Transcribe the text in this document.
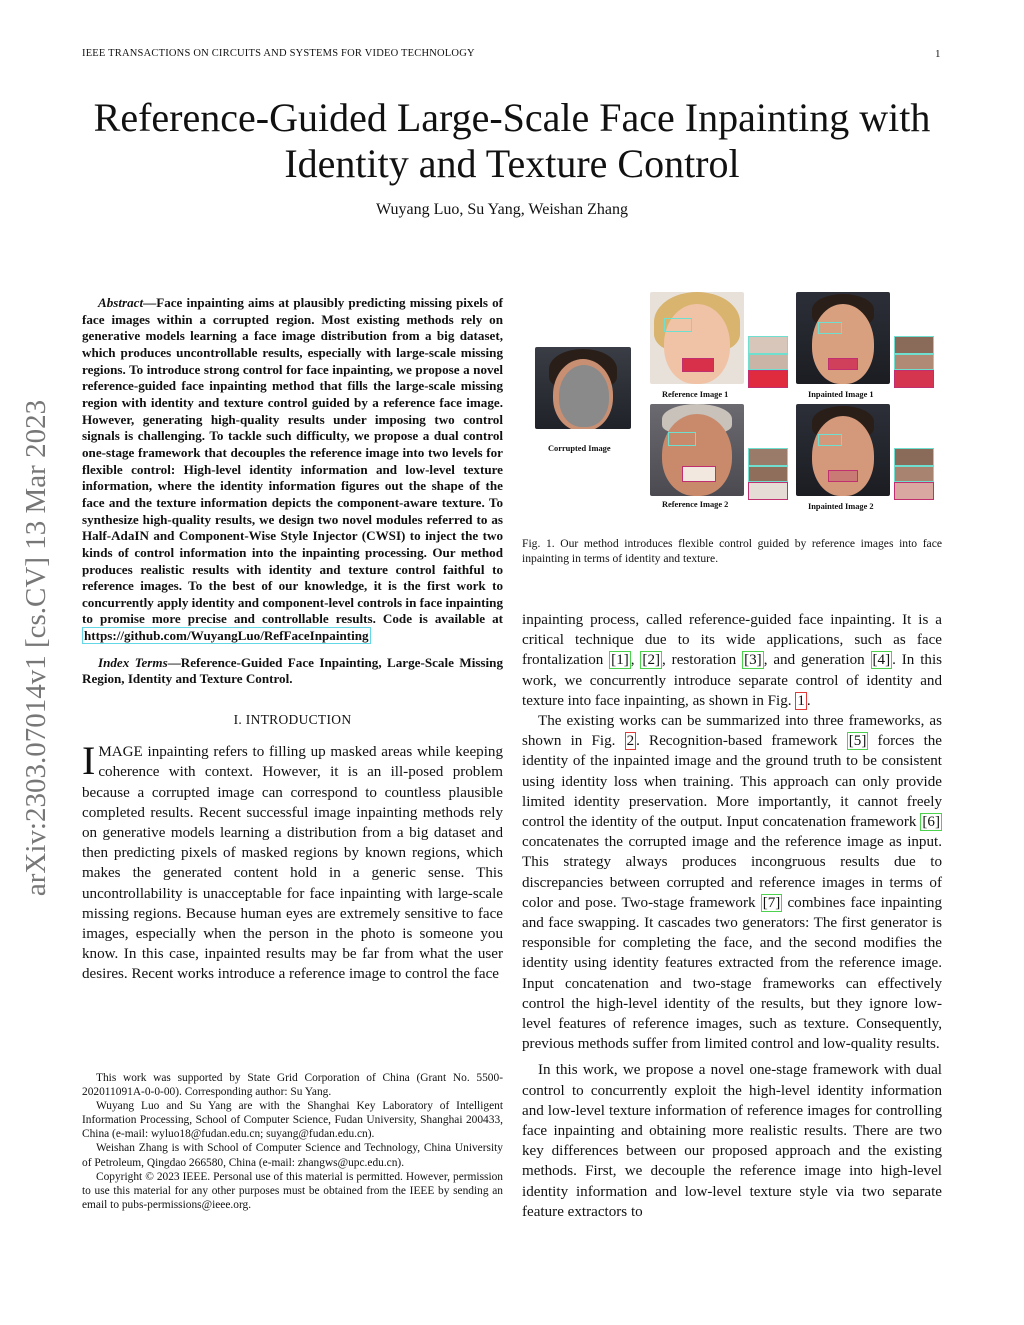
IEEE TRANSACTIONS ON CIRCUITS AND SYSTEMS FOR VIDEO TECHNOLOGY	1
Reference-Guided Large-Scale Face Inpainting with
Identity and Texture Control
Wuyang Luo, Su Yang, Weishan Zhang
arXiv:2303.07014v1 [cs.CV] 13 Mar 2023

Abstract—Face inpainting aims at plausibly predicting missing pixels of face images within a corrupted region. Most existing methods rely on generative models learning a face image distribution from a big dataset, which produces uncontrollable results, especially with large-scale missing regions. To introduce strong control for face inpainting, we propose a novel reference-guided face inpainting method that fills the large-scale missing region with identity and texture control guided by a reference face image. However, generating high-quality results under imposing two control signals is challenging. To tackle such difficulty, we propose a dual control one-stage framework that decouples the reference image into two levels for flexible control: High-level identity information and low-level texture information, where the identity information figures out the shape of the face and the texture information depicts the component-aware texture. To synthesize high-quality results, we design two novel modules referred to as Half-AdaIN and Component-Wise Style Injector (CWSI) to inject the two kinds of control information into the inpainting processing. Our method produces realistic results with identity and texture control faithful to reference images. To the best of our knowledge, it is the first work to concurrently apply identity and component-level controls in face inpainting to promise more precise and controllable results. Code is available at https://github.com/WuyangLuo/RefFaceInpainting

Index Terms—Reference-Guided Face Inpainting, Large-Scale Missing Region, Identity and Texture Control.

I. INTRODUCTION

IMAGE inpainting refers to filling up masked areas while keeping coherence with context. However, it is an ill-posed problem because a corrupted image can correspond to countless plausible completed results. Recent successful image inpainting methods rely on generative models learning a distribution from a big dataset and then predicting pixels of masked regions by known regions, which makes the generated content hold in a generic sense. This uncontrollability is unacceptable for face inpainting with large-scale missing regions. Because human eyes are extremely sensitive to face images, especially when the person in the photo is someone you know. In this case, inpainted results may be far from what the user desires. Recent works introduce a reference image to control the face

This work was supported by State Grid Corporation of China (Grant No. 5500-202011091A-0-0-00). Corresponding author: Su Yang.

Wuyang Luo and Su Yang are with the Shanghai Key Laboratory of Intelligent Information Processing, School of Computer Science, Fudan University, Shanghai 200433, China (e-mail: wyluo18@fudan.edu.cn; suyang@fudan.edu.cn).

Weishan Zhang is with School of Computer Science and Technology, China University of Petroleum, Qingdao 266580, China (e-mail: zhangws@upc.edu.cn).

Copyright © 2023 IEEE. Personal use of this material is permitted. However, permission to use this material for any other purposes must be obtained from the IEEE by sending an email to pubs-permissions@ieee.org.

Corrupted Image
Reference Image 1	Inpainted Image 1
Reference Image 2	Inpainted Image 2
Fig. 1. Our method introduces flexible control guided by reference images into face inpainting in terms of identity and texture.

inpainting process, called reference-guided face inpainting. It is a critical technique due to its wide applications, such as face frontalization [1] , [2] , restoration [3] , and generation [4] . In this work, we concurrently introduce separate control of identity and texture into face inpainting, as shown in Fig. 1 .

The existing works can be summarized into three frameworks, as shown in Fig. 2 . Recognition-based framework [5] forces the identity of the inpainted image and the ground truth to be consistent using identity loss when training. This approach can only provide limited identity preservation. More importantly, it cannot freely control the identity of the output. Input concatenation framework [6] concatenates the corrupted image and the reference image as input. This strategy always produces incongruous results due to discrepancies between corrupted and reference images in terms of color and pose. Two-stage framework [7] combines face inpainting and face swapping. It cascades two generators: The first generator is responsible for completing the face, and the second modifies the identity using identity features extracted from the reference image. Input concatenation and two-stage frameworks can effectively control the high-level identity of the results, but they ignore low-level features of reference images, such as texture. Consequently, previous methods suffer from limited control and low-quality results.

In this work, we propose a novel one-stage framework with dual control to concurrently exploit the high-level identity information and low-level texture information of reference images for controlling face inpainting and obtaining more realistic results. There are two key differences between our proposed approach and the existing methods. First, we decouple the reference image into high-level identity information and low-level texture style via two separate feature extractors to
